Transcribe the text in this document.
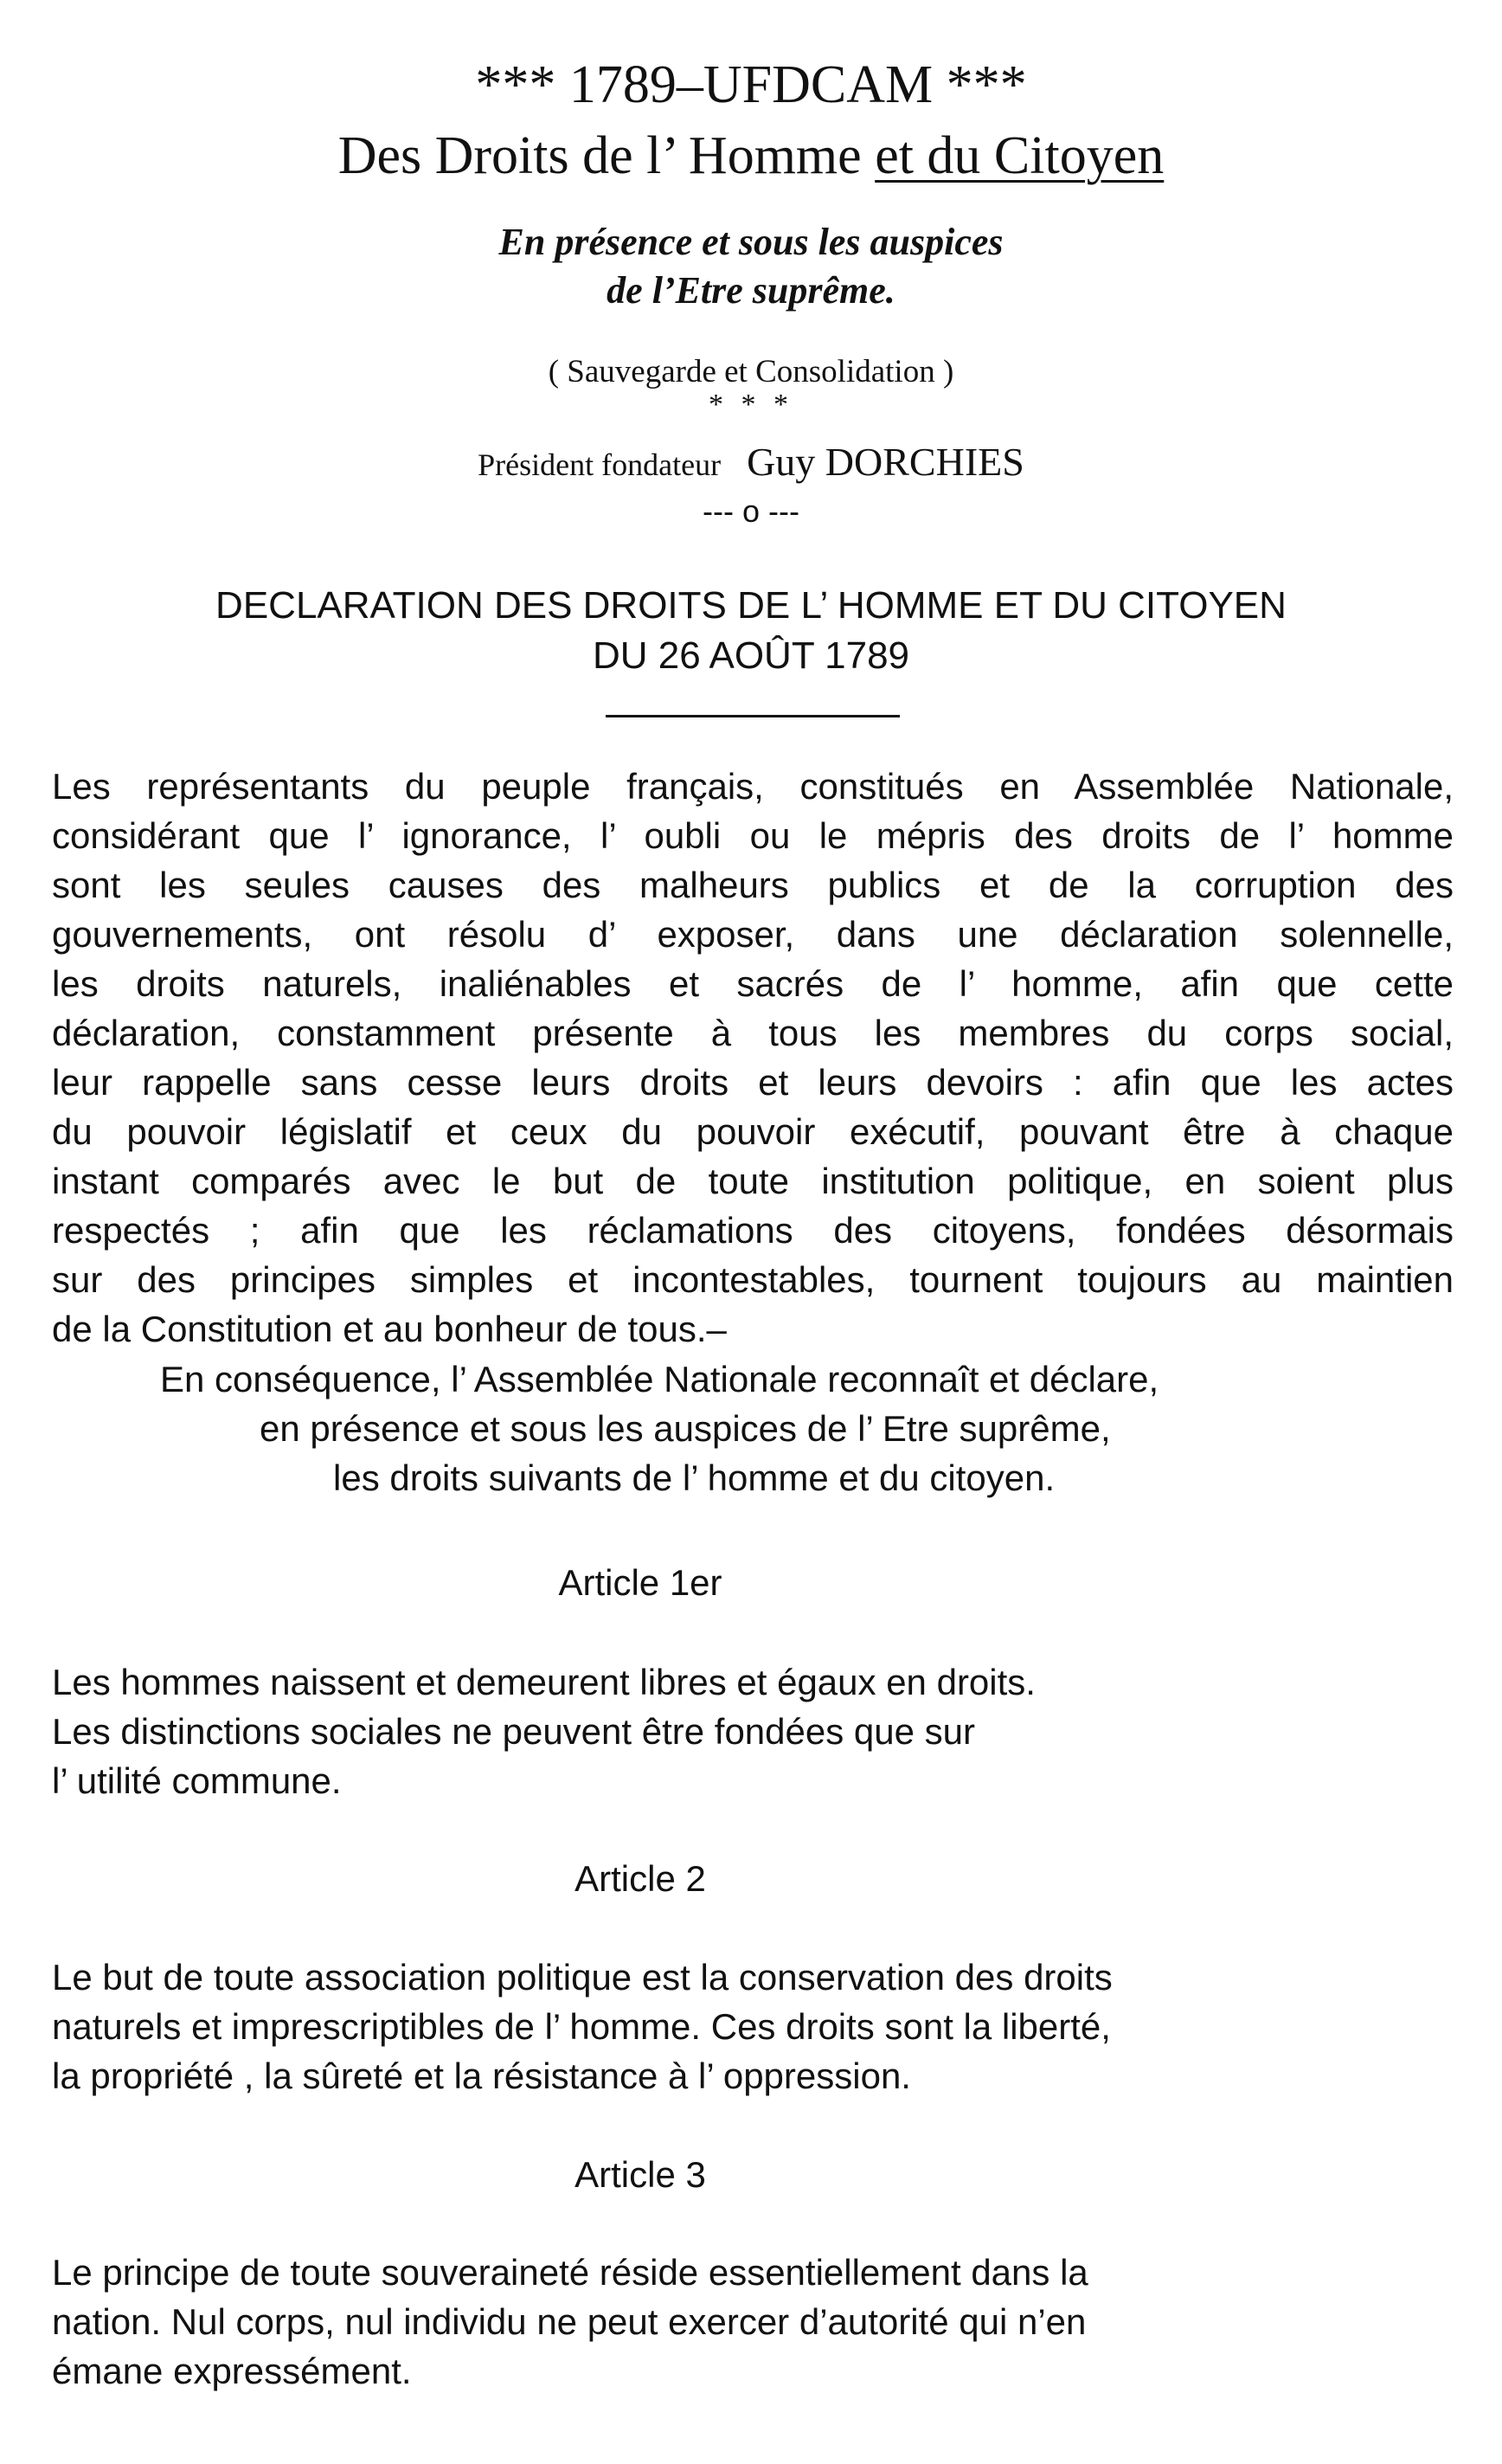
*** 1789–UFDCAM ***
Des Droits de l’ Homme et du Citoyen
En présence et sous les auspices
de l’Etre suprême.
( Sauvegarde et Consolidation )
* * *
Président fondateur Guy DORCHIES
--- o ---
DECLARATION DES DROITS DE L’ HOMME ET DU CITOYEN
DU 26 AOÛT 1789
Les représentants du peuple français, constitués en Assemblée Nationale,
considérant que l’ ignorance, l’ oubli ou le mépris des droits de l’ homme
sont les seules causes des malheurs publics et de la corruption des
gouvernements, ont résolu d’ exposer, dans une déclaration solennelle,
les droits naturels, inaliénables et sacrés de l’ homme, afin que cette
déclaration, constamment présente à tous les membres du corps social,
leur rappelle sans cesse leurs droits et leurs devoirs : afin que les actes
du pouvoir législatif et ceux du pouvoir exécutif, pouvant être à chaque
instant comparés avec le but de toute institution politique, en soient plus
respectés ; afin que les réclamations des citoyens, fondées désormais
sur des principes simples et incontestables, tournent toujours au maintien
de la Constitution et au bonheur de tous.–
En conséquence, l’ Assemblée Nationale reconnaît et déclare,
en présence et sous les auspices de l’ Etre suprême,
les droits suivants de l’ homme et du citoyen.
Article 1er
Les hommes naissent et demeurent libres et égaux en droits.
Les distinctions sociales ne peuvent être fondées que sur
l’ utilité commune.
Article 2
Le but de toute association politique est la conservation des droits
naturels et imprescriptibles de l’ homme. Ces droits sont la liberté,
la propriété , la sûreté et la résistance à l’ oppression.
Article 3
Le principe de toute souveraineté réside essentiellement dans la
nation. Nul corps, nul individu ne peut exercer d’autorité qui n’en
émane expressément.
